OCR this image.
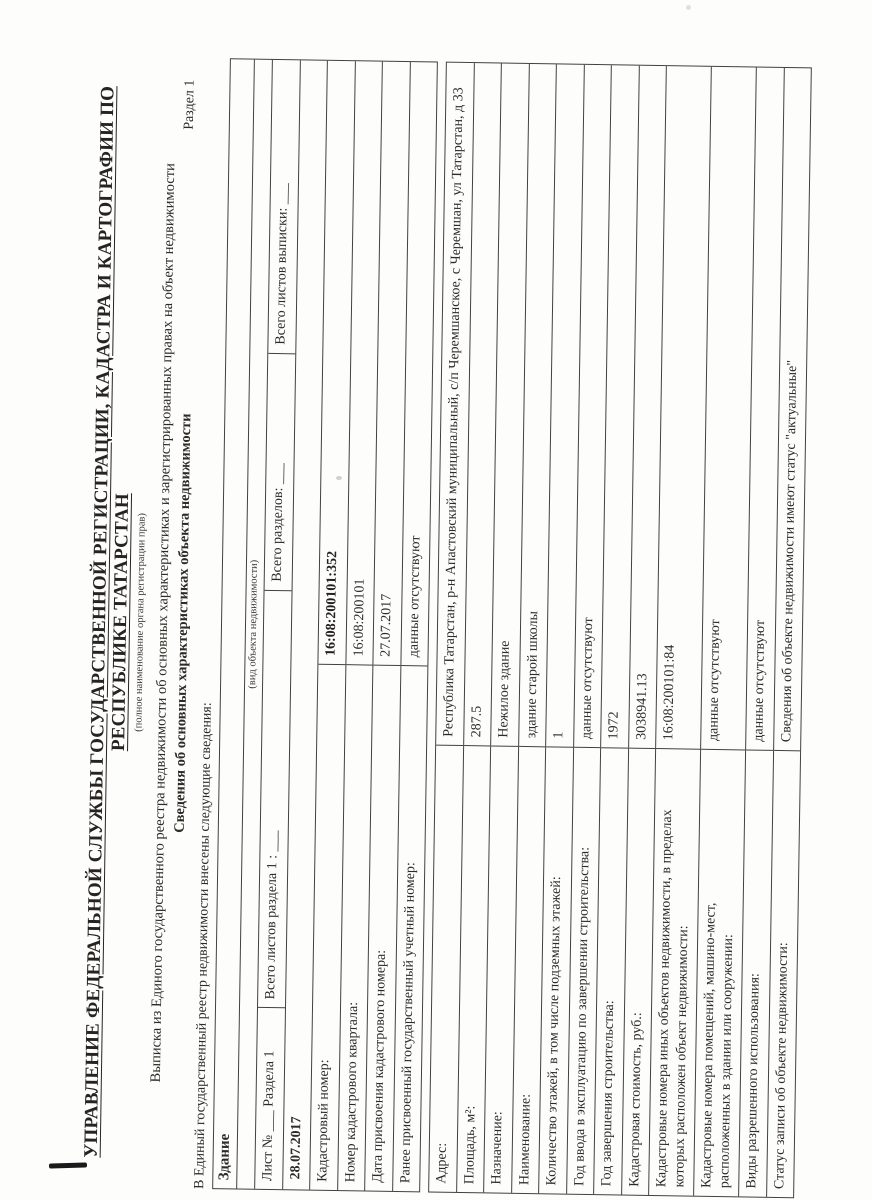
УПРАВЛЕНИЕ ФЕДЕРАЛЬНОЙ СЛУЖБЫ ГОСУДАРСТВЕННОЙ РЕГИСТРАЦИИ, КАДАСТРА И КАРТОГРАФИИ ПО РЕСПУБЛИКЕ ТАТАРСТАН (полное наименование органа регистрации прав) Выписка из Единого государственного реестра недвижимости об основных характеристиках и зарегистрированных правах на объект недвижимости
Сведения об основных характеристиках объекта недвижимости
Раздел 1
В Единый государственный реестр недвижимости внесены следующие сведения: Здание
(вид объекта недвижимости)
Лист № ___ Раздела 1
Всего листов раздела 1 : ___
Всего разделов: ___
Всего листов выписки: ___
28.07.2017 Кадастровый номер:
16:08:200101:352
Номер кадастрового квартала:
16:08:200101
Дата присвоения кадастрового номера:
27.07.2017
Ранее присвоенный государственный учетный номер:
данные отсутствуют
Адрес:
Республика Татарстан, р-н Апастовский муниципальный, с/п Черемшанское, с Черемшан, ул Татарстан, д 33
Площадь, м²:
287.5
Назначение:
Нежилое здание
Наименование:
здание старой школы
Количество этажей, в том числе подземных этажей:
1
Год ввода в эксплуатацию по завершении строительства:
данные отсутствуют
Год завершения строительства:
1972
Кадастровая стоимость, руб.:
3038941.13
Кадастровые номера иных объектов недвижимости, в пределах которых расположен объект недвижимости:
16:08:200101:84
Кадастровые номера помещений, машино-мест, расположенных в здании или сооружении:
данные отсутствуют
Виды разрешенного использования:
данные отсутствуют
Статус записи об объекте недвижимости:
Сведения об объекте недвижимости имеют статус "актуальные"
